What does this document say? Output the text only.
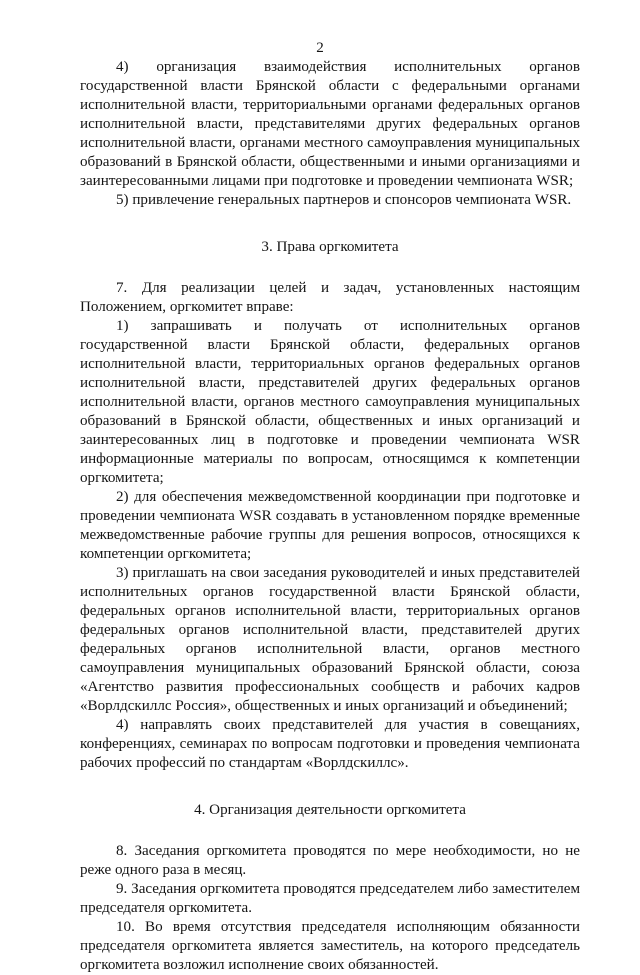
2

4) организация взаимодействия исполнительных органов государственной власти Брянской области с федеральными органами исполнительной власти, территориальными органами федеральных органов исполнительной власти, представителями других федеральных органов исполнительной власти, органами местного самоуправления муниципальных образований в Брянской области, общественными и иными организациями и заинтересованными лицами при подготовке и проведении чемпионата WSR;

5) привлечение генеральных партнеров и спонсоров чемпионата WSR.

3. Права оргкомитета

7. Для реализации целей и задач, установленных настоящим Положением, оргкомитет вправе:

1) запрашивать и получать от исполнительных органов государственной власти Брянской области, федеральных органов исполнительной власти, территориальных органов федеральных органов исполнительной власти, представителей других федеральных органов исполнительной власти, органов местного самоуправления муниципальных образований в Брянской области, общественных и иных организаций и заинтересованных лиц в подготовке и проведении чемпионата WSR информационные материалы по вопросам, относящимся к компетенции оргкомитета;

2) для обеспечения межведомственной координации при подготовке и проведении чемпионата WSR создавать в установленном порядке временные межведомственные рабочие группы для решения вопросов, относящихся к компетенции оргкомитета;

3) приглашать на свои заседания руководителей и иных представителей исполнительных органов государственной власти Брянской области, федеральных органов исполнительной власти, территориальных органов федеральных органов исполнительной власти, представителей других федеральных органов исполнительной власти, органов местного самоуправления муниципальных образований Брянской области, союза «Агентство развития профессиональных сообществ и рабочих кадров «Ворлдскиллс Россия», общественных и иных организаций и объединений;

4) направлять своих представителей для участия в совещаниях, конференциях, семинарах по вопросам подготовки и проведения чемпионата рабочих профессий по стандартам «Ворлдскиллс».

4. Организация деятельности оргкомитета

8. Заседания оргкомитета проводятся по мере необходимости, но не реже одного раза в месяц.

9. Заседания оргкомитета проводятся председателем либо заместителем председателя оргкомитета.

10. Во время отсутствия председателя исполняющим обязанности председателя оргкомитета является заместитель, на которого председатель оргкомитета возложил исполнение своих обязанностей.
